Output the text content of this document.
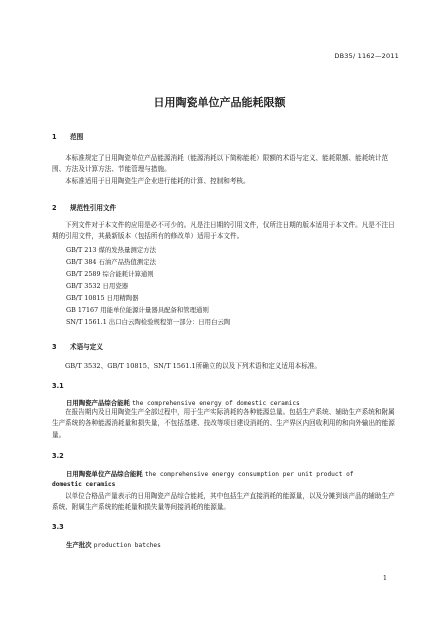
DB35/ 1162—2011
日用陶瓷单位产品能耗限额
1 范围
本标准规定了日用陶瓷单位产品能源消耗（能源消耗以下简称能耗）限额的术语与定义、能耗限额、能耗统计范围、方法及计算方法、节能管理与措施。
本标准适用于日用陶瓷生产企业进行能耗的计算、控制和考核。
2 规范性引用文件
下列文件对于本文件的应用是必不可少的。凡是注日期的引用文件，仅所注日期的版本适用于本文件。凡是不注日期的引用文件，其最新版本（包括所有的修改单）适用于本文件。
GB/T 213 煤的发热量测定方法
GB/T 384 石油产品热值测定法
GB/T 2589 综合能耗计算通则
GB/T 3532 日用瓷器
GB/T 10815 日用精陶器
GB 17167 用能单位能源计量器具配备和管理通则
SN/T 1561.1 出口白云陶检验规程第一部分：日用白云陶
3 术语与定义
GB/T 3532、GB/T 10815、SN/T 1561.1所确立的以及下列术语和定义适用本标准。
3.1
日用陶瓷产品综合能耗 the comprehensive energy of domestic ceramics
在报告期内及日用陶瓷生产全部过程中，用于生产实际消耗的各种能源总量。包括生产系统、辅助生产系统和附属生产系统的各种能源消耗量和损失量，不包括基建、技改等项目建设消耗的、生产界区内回收利用的和向外输出的能源量。
3.2
日用陶瓷单位产品综合能耗 the comprehensive energy consumption per unit product of
domestic ceramics
以单位合格品产量表示的日用陶瓷产品综合能耗，其中包括生产直接消耗的能源量，以及分摊到该产品的辅助生产系统、附属生产系统的能耗量和损失量等间接消耗的能源量。
3.3
生产批次 production batches
1
